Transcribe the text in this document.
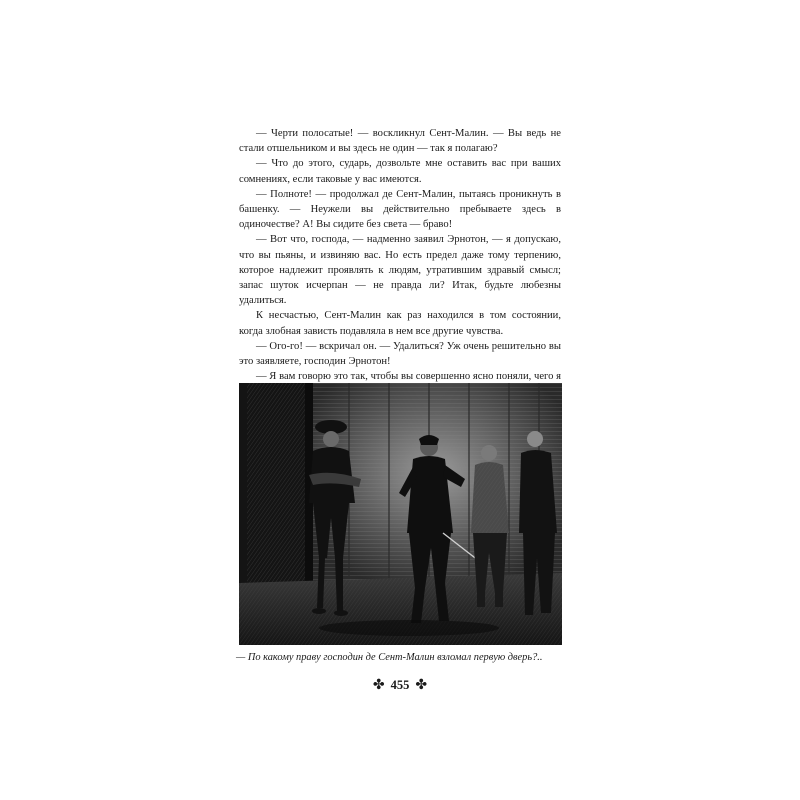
— Черти полосатые! — воскликнул Сент-Малин. — Вы ведь не стали отшельником и вы здесь не один — так я полагаю?

— Что до этого, сударь, дозвольте мне оставить вас при ваших сомнениях, если таковые у вас имеются.

— Полноте! — продолжал де Сент-Малин, пытаясь проникнуть в башенку. — Неужели вы действительно пребываете здесь в одиночестве? А! Вы сидите без света — браво!

— Вот что, господа, — надменно заявил Эрнотон, — я допускаю, что вы пьяны, и извиняю вас. Но есть предел даже тому терпению, которое надлежит проявлять к людям, утратившим здравый смысл; запас шуток исчерпан — не правда ли? Итак, будьте любезны удалиться.

К несчастью, Сент-Малин как раз находился в том состоянии, когда злобная зависть подавляла в нем все другие чувства.

— Ого-го! — вскричал он. — Удалиться? Уж очень решительно вы это заявляете, господин Эрнотон!

— Я вам говорю это так, чтобы вы совершенно ясно поняли, чего я

— По какому праву господин де Сент-Малин взломал первую дверь?..
✤ 455 ✤
